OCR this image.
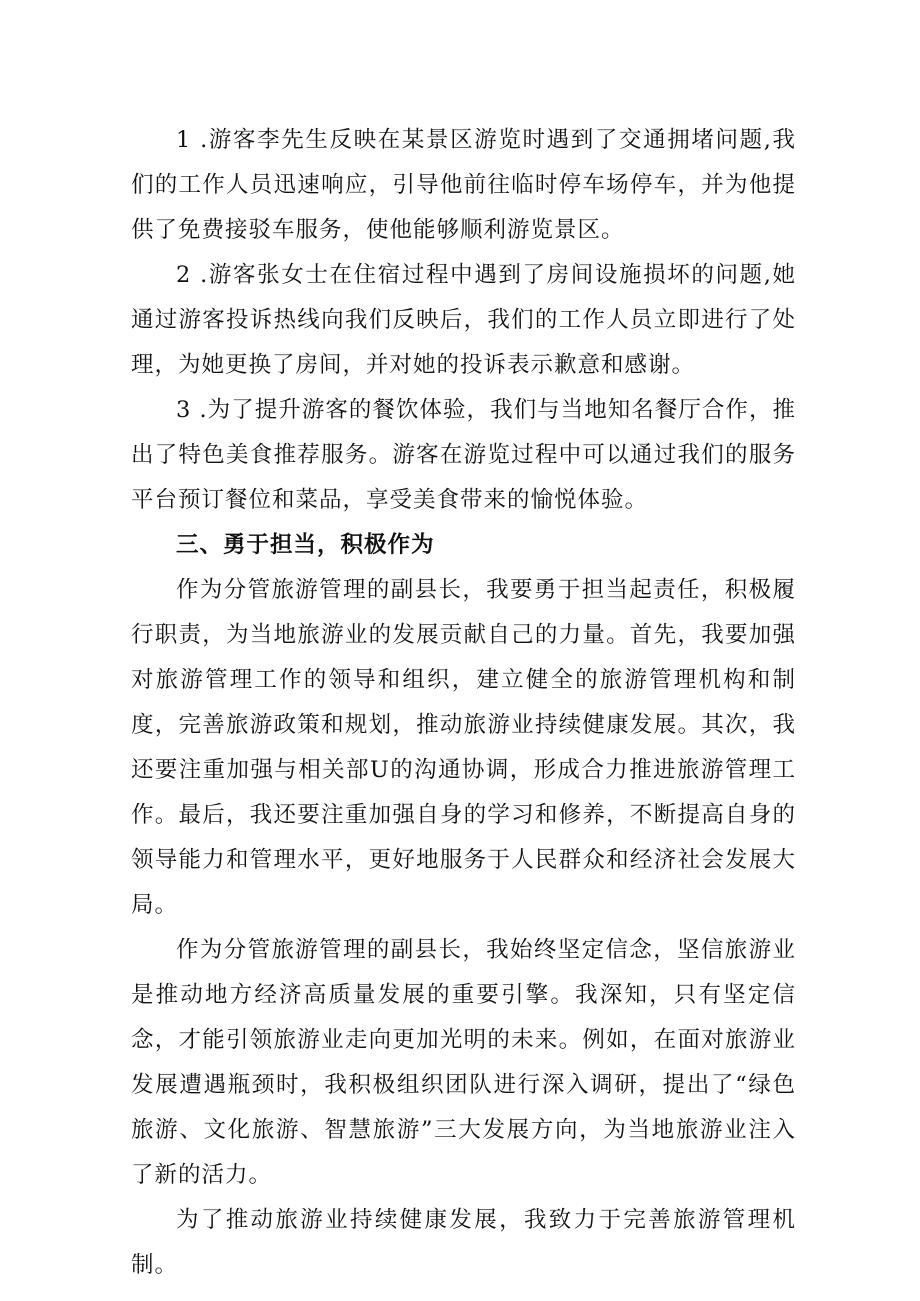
1 .游客李先生反映在某景区游览时遇到了交通拥堵问题,我们的工作人员迅速响应，引导他前往临时停车场停车，并为他提供了免费接驳车服务，使他能够顺利游览景区。

2 .游客张女士在住宿过程中遇到了房间设施损坏的问题,她通过游客投诉热线向我们反映后，我们的工作人员立即进行了处理，为她更换了房间，并对她的投诉表示歉意和感谢。

3 .为了提升游客的餐饮体验，我们与当地知名餐厅合作，推出了特色美食推荐服务。游客在游览过程中可以通过我们的服务平台预订餐位和菜品，享受美食带来的愉悦体验。

三、勇于担当，积极作为

作为分管旅游管理的副县长，我要勇于担当起责任，积极履行职责，为当地旅游业的发展贡献自己的力量。首先，我要加强对旅游管理工作的领导和组织，建立健全的旅游管理机构和制度，完善旅游政策和规划，推动旅游业持续健康发展。其次，我还要注重加强与相关部U的沟通协调，形成合力推进旅游管理工作。最后，我还要注重加强自身的学习和修养，不断提高自身的领导能力和管理水平，更好地服务于人民群众和经济社会发展大局。

作为分管旅游管理的副县长，我始终坚定信念，坚信旅游业是推动地方经济高质量发展的重要引擎。我深知，只有坚定信念，才能引领旅游业走向更加光明的未来。例如，在面对旅游业发展遭遇瓶颈时，我积极组织团队进行深入调研，提出了“绿色旅游、文化旅游、智慧旅游”三大发展方向，为当地旅游业注入了新的活力。

为了推动旅游业持续健康发展，我致力于完善旅游管理机制。
